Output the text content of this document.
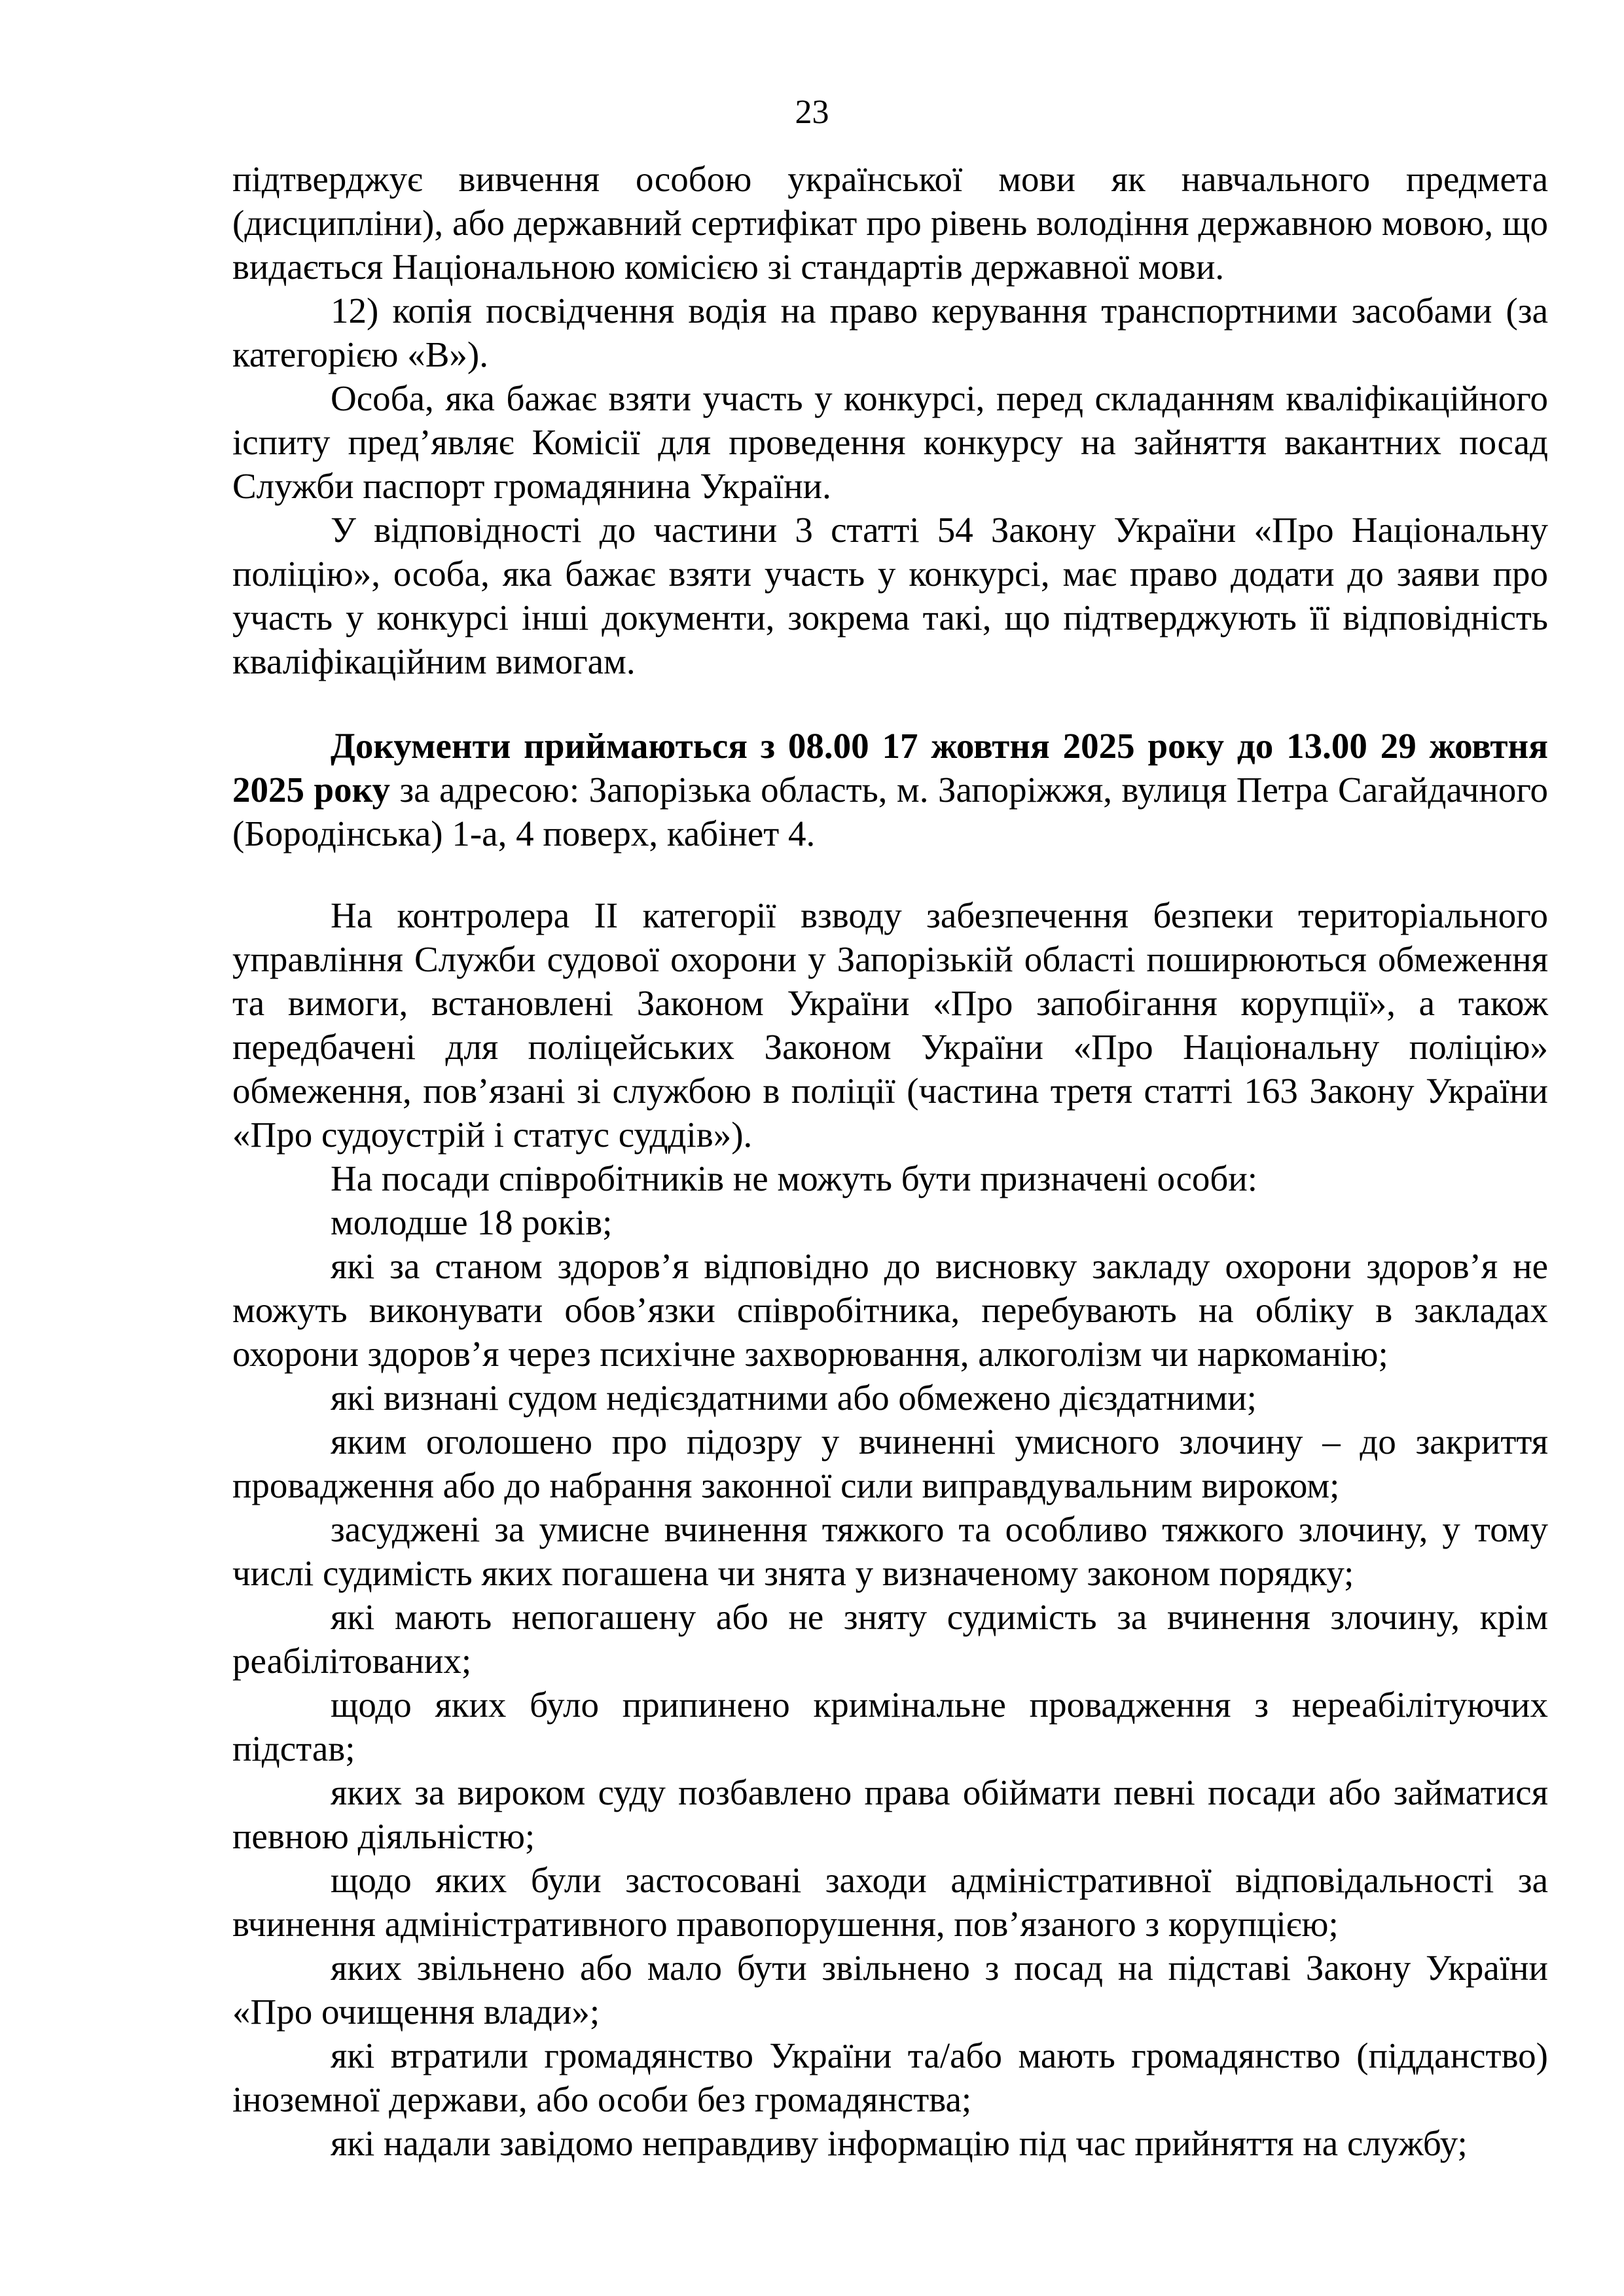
23

підтверджує вивчення особою української мови як навчального предмета (дисципліни), або державний сертифікат про рівень володіння державною мовою, що видається Національною комісією зі стандартів державної мови.

12) копія посвідчення водія на право керування транспортними засобами (за категорією «В»).

Особа, яка бажає взяти участь у конкурсі, перед складанням кваліфікаційного іспиту пред’являє Комісії для проведення конкурсу на зайняття вакантних посад Служби паспорт громадянина України.

У відповідності до частини 3 статті 54 Закону України «Про Національну поліцію», особа, яка бажає взяти участь у конкурсі, має право додати до заяви про участь у конкурсі інші документи, зокрема такі, що підтверджують її відповідність кваліфікаційним вимогам.

Документи приймаються з 08.00 17 жовтня 2025 року до 13.00 29 жовтня 2025 року за адресою: Запорізька область, м. Запоріжжя, вулиця Петра Сагайдачного (Бородінська) 1-а, 4 поверх, кабінет 4.

На контролера ІІ категорії взводу забезпечення безпеки територіального управління Служби судової охорони у Запорізькій області поширюються обмеження та вимоги, встановлені Законом України «Про запобігання корупції», а також передбачені для поліцейських Законом України «Про Національну поліцію» обмеження, пов’язані зі службою в поліції (частина третя статті 163 Закону України «Про судоустрій і статус суддів»).

На посади співробітників не можуть бути призначені особи:

молодше 18 років;

які за станом здоров’я відповідно до висновку закладу охорони здоров’я не можуть виконувати обов’язки співробітника, перебувають на обліку в закладах охорони здоров’я через психічне захворювання, алкоголізм чи наркоманію;

які визнані судом недієздатними або обмежено дієздатними;

яким оголошено про підозру у вчиненні умисного злочину – до закриття провадження або до набрання законної сили виправдувальним вироком;

засуджені за умисне вчинення тяжкого та особливо тяжкого злочину, у тому числі судимість яких погашена чи знята у визначеному законом порядку;

які мають непогашену або не зняту судимість за вчинення злочину, крім реабілітованих;

щодо яких було припинено кримінальне провадження з нереабілітуючих підстав;

яких за вироком суду позбавлено права обіймати певні посади або займатися певною діяльністю;

щодо яких були застосовані заходи адміністративної відповідальності за вчинення адміністративного правопорушення, пов’язаного з корупцією;

яких звільнено або мало бути звільнено з посад на підставі Закону України «Про очищення влади»;

які втратили громадянство України та/або мають громадянство (підданство) іноземної держави, або особи без громадянства;

які надали завідомо неправдиву інформацію під час прийняття на службу;
